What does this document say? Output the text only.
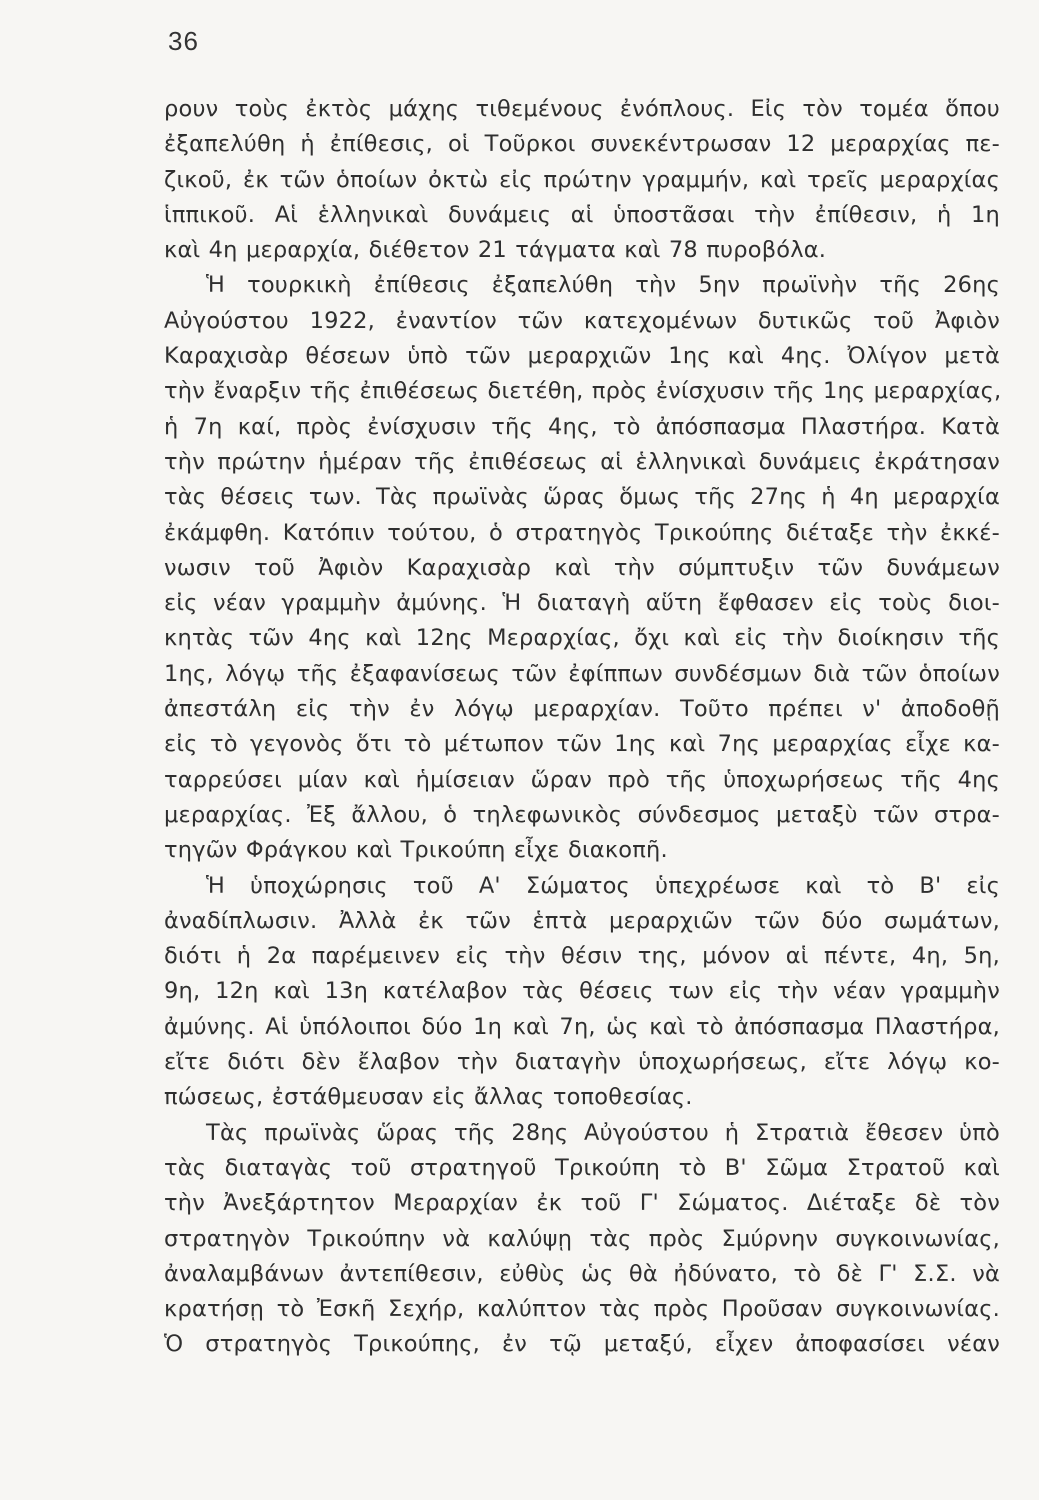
36
ρουν τοὺς ἐκτὸς μάχης τιθεμένους ἐνόπλους. Εἰς τὸν τομέα ὅπου
ἐξαπελύθη ἡ ἐπίθεσις, οἱ Τοῦρκοι συνεκέντρωσαν 12 μεραρχίας πε-
ζικοῦ, ἐκ τῶν ὁποίων ὀκτὼ εἰς πρώτην γραμμήν, καὶ τρεῖς μεραρχίας
ἱππικοῦ. Αἱ ἑλληνικαὶ δυνάμεις αἱ ὑποστᾶσαι τὴν ἐπίθεσιν, ἡ 1η
καὶ 4η μεραρχία, διέθετον 21 τάγματα καὶ 78 πυροβόλα.
Ἡ τουρκικὴ ἐπίθεσις ἐξαπελύθη τὴν 5ην πρωϊνὴν τῆς 26ης
Αὐγούστου 1922, ἐναντίον τῶν κατεχομένων δυτικῶς τοῦ Ἀφιὸν
Καραχισὰρ θέσεων ὑπὸ τῶν μεραρχιῶν 1ης καὶ 4ης. Ὀλίγον μετὰ
τὴν ἔναρξιν τῆς ἐπιθέσεως διετέθη, πρὸς ἐνίσχυσιν τῆς 1ης μεραρχίας,
ἡ 7η καί, πρὸς ἐνίσχυσιν τῆς 4ης, τὸ ἀπόσπασμα Πλαστήρα. Κατὰ
τὴν πρώτην ἡμέραν τῆς ἐπιθέσεως αἱ ἑλληνικαὶ δυνάμεις ἐκράτησαν
τὰς θέσεις των. Τὰς πρωϊνὰς ὥρας ὅμως τῆς 27ης ἡ 4η μεραρχία
ἐκάμφθη. Κατόπιν τούτου, ὁ στρατηγὸς Τρικούπης διέταξε τὴν ἐκκέ-
νωσιν τοῦ Ἀφιὸν Καραχισὰρ καὶ τὴν σύμπτυξιν τῶν δυνάμεων
εἰς νέαν γραμμὴν ἀμύνης. Ἡ διαταγὴ αὕτη ἔφθασεν εἰς τοὺς διοι-
κητὰς τῶν 4ης καὶ 12ης Μεραρχίας, ὄχι καὶ εἰς τὴν διοίκησιν τῆς
1ης, λόγῳ τῆς ἐξαφανίσεως τῶν ἐφίππων συνδέσμων διὰ τῶν ὁποίων
ἀπεστάλη εἰς τὴν ἐν λόγῳ μεραρχίαν. Τοῦτο πρέπει ν' ἀποδοθῇ
εἰς τὸ γεγονὸς ὅτι τὸ μέτωπον τῶν 1ης καὶ 7ης μεραρχίας εἶχε κα-
ταρρεύσει μίαν καὶ ἡμίσειαν ὥραν πρὸ τῆς ὑποχωρήσεως τῆς 4ης
μεραρχίας. Ἐξ ἄλλου, ὁ τηλεφωνικὸς σύνδεσμος μεταξὺ τῶν στρα-
τηγῶν Φράγκου καὶ Τρικούπη εἶχε διακοπῆ.
Ἡ ὑποχώρησις τοῦ Α' Σώματος ὑπεχρέωσε καὶ τὸ Β' εἰς
ἀναδίπλωσιν. Ἀλλὰ ἐκ τῶν ἑπτὰ μεραρχιῶν τῶν δύο σωμάτων,
διότι ἡ 2α παρέμεινεν εἰς τὴν θέσιν της, μόνον αἱ πέντε, 4η, 5η,
9η, 12η καὶ 13η κατέλαβον τὰς θέσεις των εἰς τὴν νέαν γραμμὴν
ἀμύνης. Αἱ ὑπόλοιποι δύο 1η καὶ 7η, ὡς καὶ τὸ ἀπόσπασμα Πλαστήρα,
εἴτε διότι δὲν ἔλαβον τὴν διαταγὴν ὑποχωρήσεως, εἴτε λόγῳ κο-
πώσεως, ἐστάθμευσαν εἰς ἄλλας τοποθεσίας.
Τὰς πρωϊνὰς ὥρας τῆς 28ης Αὐγούστου ἡ Στρατιὰ ἔθεσεν ὑπὸ
τὰς διαταγὰς τοῦ στρατηγοῦ Τρικούπη τὸ Β' Σῶμα Στρατοῦ καὶ
τὴν Ἀνεξάρτητον Μεραρχίαν ἐκ τοῦ Γ' Σώματος. Διέταξε δὲ τὸν
στρατηγὸν Τρικούπην νὰ καλύψῃ τὰς πρὸς Σμύρνην συγκοινωνίας,
ἀναλαμβάνων ἀντεπίθεσιν, εὐθὺς ὡς θὰ ἠδύνατο, τὸ δὲ Γ' Σ.Σ. νὰ
κρατήσῃ τὸ Ἐσκῆ Σεχήρ, καλύπτον τὰς πρὸς Προῦσαν συγκοινωνίας.
Ὁ στρατηγὸς Τρικούπης, ἐν τῷ μεταξύ, εἶχεν ἀποφασίσει νέαν
